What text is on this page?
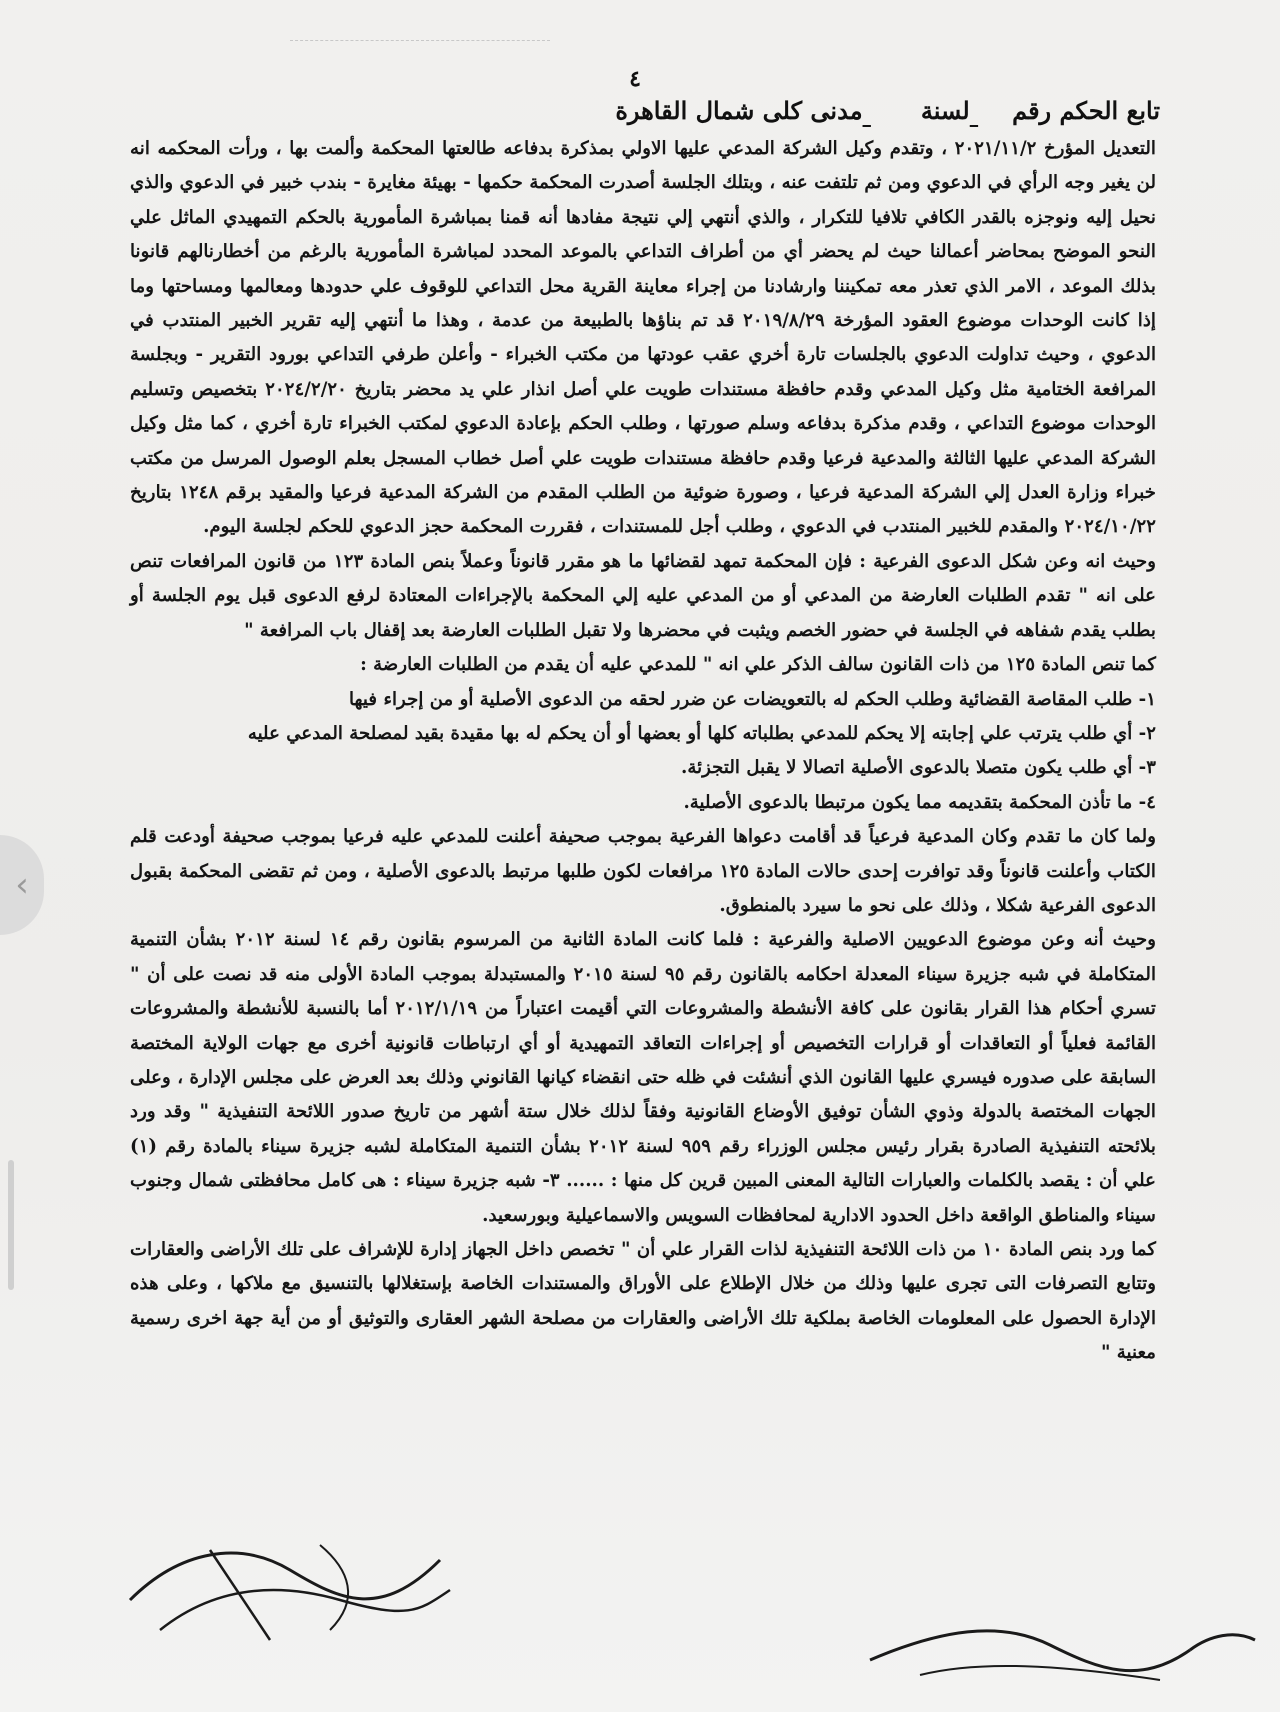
٤
تابع الحكم رقم لسنة مدنى كلى شمال القاهرة

التعديل المؤرخ ٢٠٢١/١١/٢ ، وتقدم وكيل الشركة المدعي عليها الاولي بمذكرة بدفاعه طالعتها المحكمة وألمت بها ، ورأت المحكمه انه لن يغير وجه الرأي في الدعوي ومن ثم تلتفت عنه ، وبتلك الجلسة أصدرت المحكمة حكمها - بهيئة مغايرة - بندب خبير في الدعوي والذي نحيل إليه ونوجزه بالقدر الكافي تلافيا للتكرار ، والذي أنتهي إلي نتيجة مفادها أنه قمنا بمباشرة المأمورية بالحكم التمهيدي الماثل علي النحو الموضح بمحاضر أعمالنا حيث لم يحضر أي من أطراف التداعي بالموعد المحدد لمباشرة المأمورية بالرغم من أخطارنالهم قانونا بذلك الموعد ، الامر الذي تعذر معه تمكيننا وارشادنا من إجراء معاينة القرية محل التداعي للوقوف علي حدودها ومعالمها ومساحتها وما إذا كانت الوحدات موضوع العقود المؤرخة ٢٠١٩/٨/٢٩ قد تم بناؤها بالطبيعة من عدمة ، وهذا ما أنتهي إليه تقرير الخبير المنتدب في الدعوي ، وحيث تداولت الدعوي بالجلسات تارة أخري عقب عودتها من مكتب الخبراء - وأعلن طرفي التداعي بورود التقرير - وبجلسة المرافعة الختامية مثل وكيل المدعي وقدم حافظة مستندات طويت علي أصل انذار علي يد محضر بتاريخ ٢٠٢٤/٢/٢٠ بتخصيص وتسليم الوحدات موضوع التداعي ، وقدم مذكرة بدفاعه وسلم صورتها ، وطلب الحكم بإعادة الدعوي لمكتب الخبراء تارة أخري ، كما مثل وكيل الشركة المدعي عليها الثالثة والمدعية فرعيا وقدم حافظة مستندات طويت علي أصل خطاب المسجل بعلم الوصول المرسل من مكتب خبراء وزارة العدل إلي الشركة المدعية فرعيا ، وصورة ضوئية من الطلب المقدم من الشركة المدعية فرعيا والمقيد برقم ١٢٤٨ بتاريخ ٢٠٢٤/١٠/٢٢ والمقدم للخبير المنتدب في الدعوي ، وطلب أجل للمستندات ، فقررت المحكمة حجز الدعوي للحكم لجلسة اليوم.

وحيث انه وعن شكل الدعوى الفرعية : فإن المحكمة تمهد لقضائها ما هو مقرر قانوناً وعملاً بنص المادة ١٢٣ من قانون المرافعات تنص على انه " تقدم الطلبات العارضة من المدعي أو من المدعي عليه إلي المحكمة بالإجراءات المعتادة لرفع الدعوى قبل يوم الجلسة أو بطلب يقدم شفاهه في الجلسة في حضور الخصم ويثبت في محضرها ولا تقبل الطلبات العارضة بعد إقفال باب المرافعة "

كما تنص المادة ١٢٥ من ذات القانون سالف الذكر علي انه " للمدعي عليه أن يقدم من الطلبات العارضة :

١- طلب المقاصة القضائية وطلب الحكم له بالتعويضات عن ضرر لحقه من الدعوى الأصلية أو من إجراء فيها
٢- أي طلب يترتب علي إجابته إلا يحكم للمدعي بطلباته كلها أو بعضها أو أن يحكم له بها مقيدة بقيد لمصلحة المدعي عليه
٣- أي طلب يكون متصلا بالدعوى الأصلية اتصالا لا يقبل التجزئة.
٤- ما تأذن المحكمة بتقديمه مما يكون مرتبطا بالدعوى الأصلية.

ولما كان ما تقدم وكان المدعية فرعياً قد أقامت دعواها الفرعية بموجب صحيفة أعلنت للمدعي عليه فرعيا بموجب صحيفة أودعت قلم الكتاب وأعلنت قانوناً وقد توافرت إحدى حالات المادة ١٢٥ مرافعات لكون طلبها مرتبط بالدعوى الأصلية ، ومن ثم تقضى المحكمة بقبول الدعوى الفرعية شكلا ، وذلك على نحو ما سيرد بالمنطوق.

وحيث أنه وعن موضوع الدعويين الاصلية والفرعية : فلما كانت المادة الثانية من المرسوم بقانون رقم ١٤ لسنة ٢٠١٢ بشأن التنمية المتكاملة في شبه جزيرة سيناء المعدلة احكامه بالقانون رقم ٩٥ لسنة ٢٠١٥ والمستبدلة بموجب المادة الأولى منه قد نصت على أن " تسري أحكام هذا القرار بقانون على كافة الأنشطة والمشروعات التي أقيمت اعتباراً من ٢٠١٢/١/١٩ أما بالنسبة للأنشطة والمشروعات القائمة فعلياً أو التعاقدات أو قرارات التخصيص أو إجراءات التعاقد التمهيدية أو أي ارتباطات قانونية أخرى مع جهات الولاية المختصة السابقة على صدوره فيسري عليها القانون الذي أنشئت في ظله حتى انقضاء كيانها القانوني وذلك بعد العرض على مجلس الإدارة ، وعلى الجهات المختصة بالدولة وذوي الشأن توفيق الأوضاع القانونية وفقاً لذلك خلال ستة أشهر من تاريخ صدور اللائحة التنفيذية " وقد ورد بلائحته التنفيذية الصادرة بقرار رئيس مجلس الوزراء رقم ٩٥٩ لسنة ٢٠١٢ بشأن التنمية المتكاملة لشبه جزيرة سيناء بالمادة رقم (١) علي أن : يقصد بالكلمات والعبارات التالية المعنى المبين قرين كل منها : ...... ٣- شبه جزيرة سيناء : هى كامل محافظتى شمال وجنوب سيناء والمناطق الواقعة داخل الحدود الادارية لمحافظات السويس والاسماعيلية وبورسعيد.

كما ورد بنص المادة ١٠ من ذات اللائحة التنفيذية لذات القرار علي أن " تخصص داخل الجهاز إدارة للإشراف على تلك الأراضى والعقارات وتتابع التصرفات التى تجرى عليها وذلك من خلال الإطلاع على الأوراق والمستندات الخاصة بإستغلالها بالتنسيق مع ملاكها ، وعلى هذه الإدارة الحصول على المعلومات الخاصة بملكية تلك الأراضى والعقارات من مصلحة الشهر العقارى والتوثيق أو من أية جهة اخرى رسمية معنية "

‹
